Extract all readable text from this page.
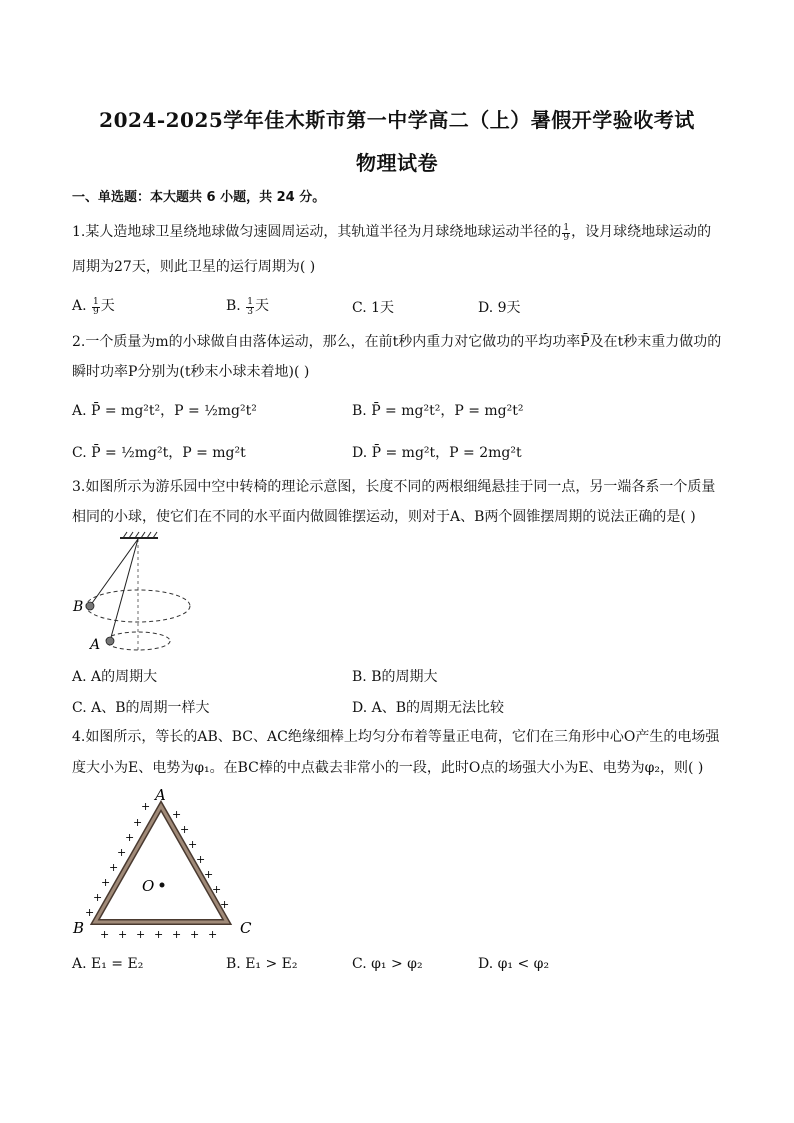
2024-2025学年佳木斯市第一中学高二（上）暑假开学验收考试
物理试卷
一、单选题：本大题共 6 小题，共 24 分。
1.某人造地球卫星绕地球做匀速圆周运动，其轨道半径为月球绕地球运动半径的 $\frac{1}{9}$ ，设月球绕地球运动的
周期为27天，则此卫星的运行周期为( )
A. $\frac{1}{9}$ 天	B. $\frac{1}{3}$ 天	C. 1天	D. 9天
2.一个质量为m的小球做自由落体运动，那么，在前t秒内重力对它做功的平均功率P̄及在t秒末重力做功的
瞬时功率P分别为(t秒末小球未着地)( )
A. P̄ = mg²t²，P = ½mg²t²	B. P̄ = mg²t²，P = mg²t²
C. P̄ = ½mg²t，P = mg²t	D. P̄ = mg²t，P = 2mg²t
3.如图所示为游乐园中空中转椅的理论示意图，长度不同的两根细绳悬挂于同一点，另一端各系一个质量
相同的小球，使它们在不同的水平面内做圆锥摆运动，则对于A、B两个圆锥摆周期的说法正确的是( )
B
A
A. A的周期大	B. B的周期大
C. A、B的周期一样大	D. A、B的周期无法比较
4.如图所示，等长的AB、BC、AC绝缘细棒上均匀分布着等量正电荷，它们在三角形中心O产生的电场强
度大小为E、电势为φ₁。在BC棒的中点截去非常小的一段，此时O点的场强大小为E、电势为φ₂，则( )
O
A
B	C
+
+
+
+
+
+
+
+
+
+
+
+
+
+
+
+ + + + + + +
A. E₁ = E₂	B. E₁ > E₂	C. φ₁ > φ₂	D. φ₁ < φ₂
